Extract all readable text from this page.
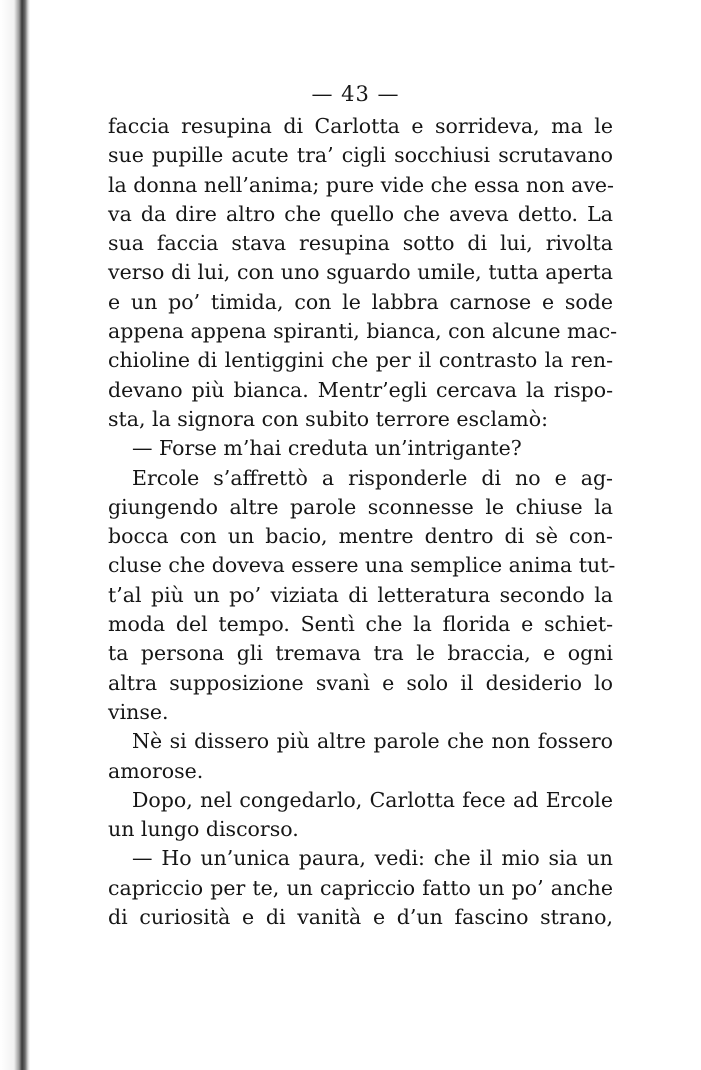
— 43 —
faccia resupina di Carlotta e sorrideva, ma le
sue pupille acute tra’ cigli socchiusi scrutavano
la donna nell’anima; pure vide che essa non ave-
va da dire altro che quello che aveva detto. La
sua faccia stava resupina sotto di lui, rivolta
verso di lui, con uno sguardo umile, tutta aperta
e un po’ timida, con le labbra carnose e sode
appena appena spiranti, bianca, con alcune mac-
chioline di lentiggini che per il contrasto la ren-
devano più bianca. Mentr’egli cercava la rispo-
sta, la signora con subito terrore esclamò:
— Forse m’hai creduta un’intrigante?
Ercole s’affrettò a risponderle di no e ag-
giungendo altre parole sconnesse le chiuse la
bocca con un bacio, mentre dentro di sè con-
cluse che doveva essere una semplice anima tut-
t’al più un po’ viziata di letteratura secondo la
moda del tempo. Sentì che la florida e schiet-
ta persona gli tremava tra le braccia, e ogni
altra supposizione svanì e solo il desiderio lo
vinse.
Nè si dissero più altre parole che non fossero
amorose.
Dopo, nel congedarlo, Carlotta fece ad Ercole
un lungo discorso.
— Ho un’unica paura, vedi: che il mio sia un
capriccio per te, un capriccio fatto un po’ anche
di curiosità e di vanità e d’un fascino strano,
